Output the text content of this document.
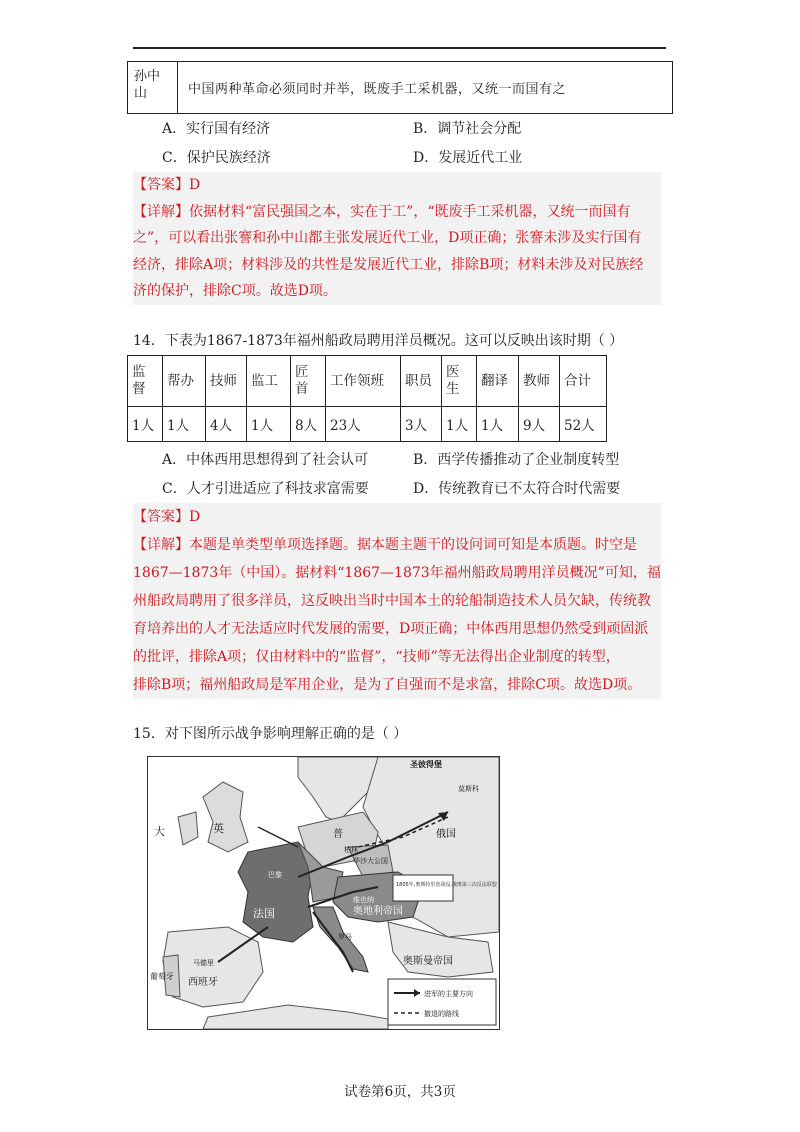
孙中山	中国两种革命必须同时并举，既废手工采机器，又统一而国有之
A．实行国有经济	B．调节社会分配
C．保护民族经济	D．发展近代工业
【答案】D
【详解】依据材料“富民强国之本，实在于工”，“既废手工采机器，又统一而国有
之”，可以看出张謇和孙中山都主张发展近代工业，D项正确；张謇未涉及实行国有
经济，排除A项；材料涉及的共性是发展近代工业，排除B项；材料未涉及对民族经
济的保护，排除C项。故选D项。
14．下表为1867-1873年福州船政局聘用洋员概况。这可以反映出该时期（ ）
监督	帮办	技师	监工	匠首	工作领班	职员	医生	翻译	教师	合计
1人	1人	4人	1人	8人	23人	3人	1人	1人	9人	52人
A．中体西用思想得到了社会认可	B．西学传播推动了企业制度转型
C．人才引进适应了科技求富需要	D．传统教育已不太符合时代需要
【答案】D
【详解】本题是单类型单项选择题。据本题主题干的设问词可知是本质题。时空是
1867—1873年（中国）。据材料“1867—1873年福州船政局聘用洋员概况”可知，福
州船政局聘用了很多洋员，这反映出当时中国本土的轮船制造技术人员欠缺，传统教
育培养出的人才无法适应时代发展的需要，D项正确；中体西用思想仍然受到顽固派
的批评，排除A项；仅由材料中的“监督”，“技师”等无法得出企业制度的转型，
排除B项；福州船政局是军用企业，是为了自强而不是求富，排除C项。故选D项。
15．对下图所示战争影响理解正确的是（ ）
1805年,奥斯特里茨战役,俄奥第三次反法联盟
圣彼得堡
莫斯科
俄国
英
大	普
柏林
华沙大公国
巴黎
法国
维也纳
奥地利帝国
奥斯曼帝国
马德里
西班牙
葡萄牙
罗马
进军的主要方向
撤退的路线
试卷第6页，共3页
